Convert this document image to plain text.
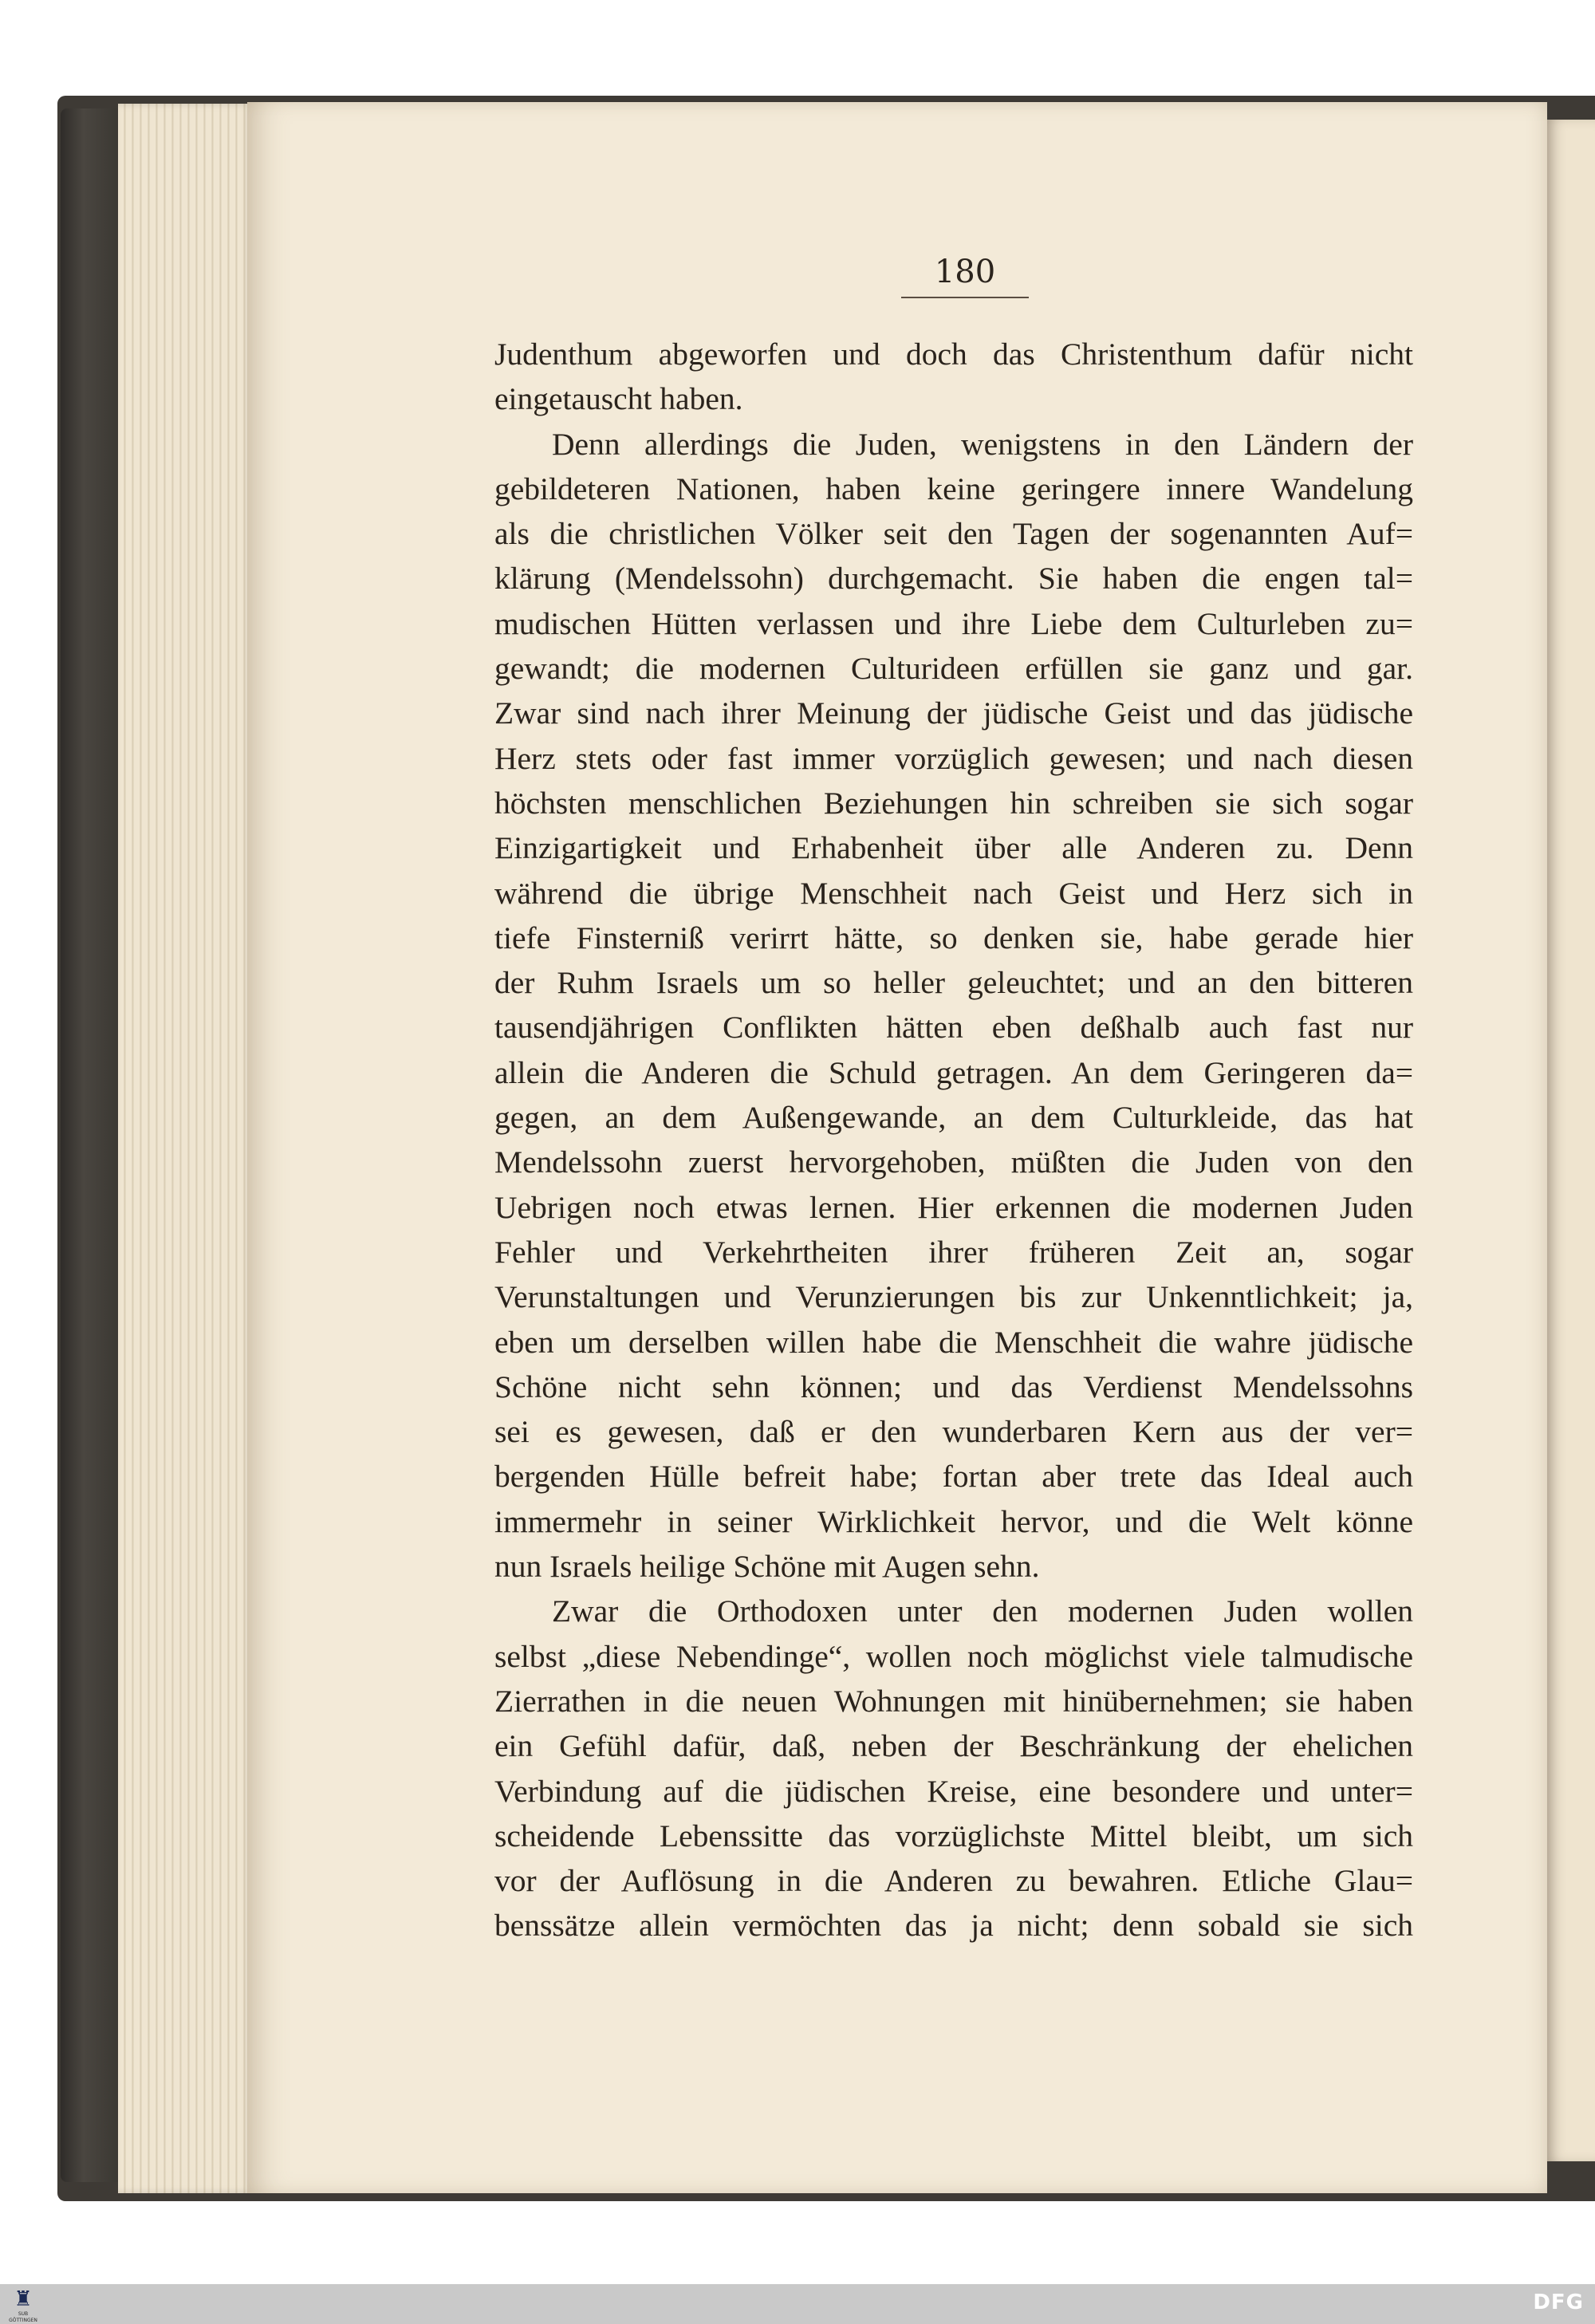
180
Judenthum abgeworfen und doch das Christenthum dafür nicht
eingetauscht haben.
Denn allerdings die Juden, wenigstens in den Ländern der
gebildeteren Nationen, haben keine geringere innere Wandelung
als die christlichen Völker seit den Tagen der sogenannten Auf=
klärung (Mendelssohn) durchgemacht. Sie haben die engen tal=
mudischen Hütten verlassen und ihre Liebe dem Culturleben zu=
gewandt; die modernen Culturideen erfüllen sie ganz und gar.
Zwar sind nach ihrer Meinung der jüdische Geist und das jüdische
Herz stets oder fast immer vorzüglich gewesen; und nach diesen
höchsten menschlichen Beziehungen hin schreiben sie sich sogar
Einzigartigkeit und Erhabenheit über alle Anderen zu. Denn
während die übrige Menschheit nach Geist und Herz sich in
tiefe Finsterniß verirrt hätte, so denken sie, habe gerade hier
der Ruhm Israels um so heller geleuchtet; und an den bitteren
tausendjährigen Conflikten hätten eben deßhalb auch fast nur
allein die Anderen die Schuld getragen. An dem Geringeren da=
gegen, an dem Außengewande, an dem Culturkleide, das hat
Mendelssohn zuerst hervorgehoben, müßten die Juden von den
Uebrigen noch etwas lernen. Hier erkennen die modernen Juden
Fehler und Verkehrtheiten ihrer früheren Zeit an, sogar
Verunstaltungen und Verunzierungen bis zur Unkenntlichkeit; ja,
eben um derselben willen habe die Menschheit die wahre jüdische
Schöne nicht sehn können; und das Verdienst Mendelssohns
sei es gewesen, daß er den wunderbaren Kern aus der ver=
bergenden Hülle befreit habe; fortan aber trete das Ideal auch
immermehr in seiner Wirklichkeit hervor, und die Welt könne
nun Israels heilige Schöne mit Augen sehn.
Zwar die Orthodoxen unter den modernen Juden wollen
selbst „diese Nebendinge“, wollen noch möglichst viele talmudische
Zierrathen in die neuen Wohnungen mit hinübernehmen; sie haben
ein Gefühl dafür, daß, neben der Beschränkung der ehelichen
Verbindung auf die jüdischen Kreise, eine besondere und unter=
scheidende Lebenssitte das vorzüglichste Mittel bleibt, um sich
vor der Auflösung in die Anderen zu bewahren. Etliche Glau=
benssätze allein vermöchten das ja nicht; denn sobald sie sich
♜
SUB GÖTTINGEN
DFG
